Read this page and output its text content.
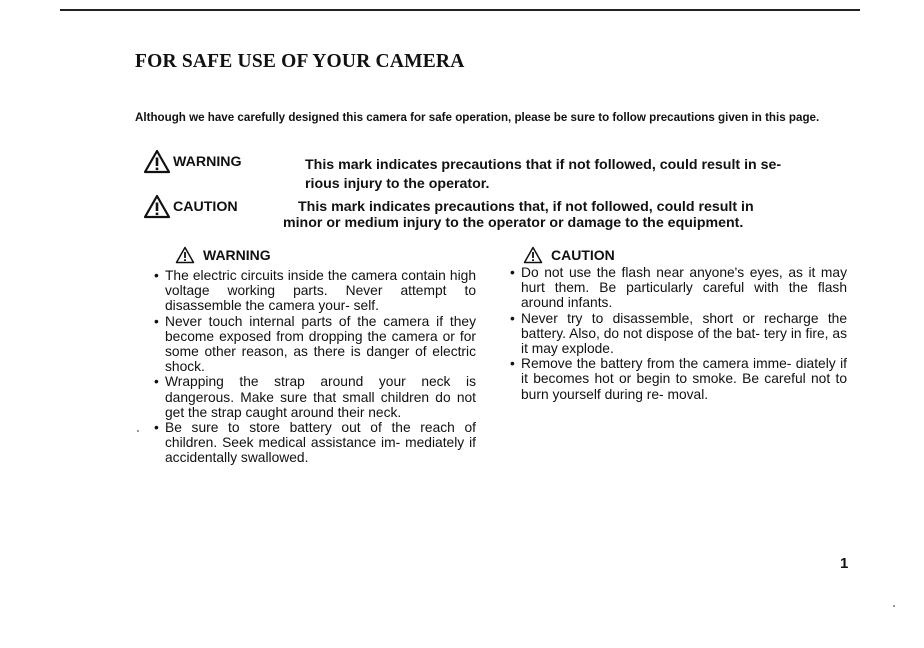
FOR SAFE USE OF YOUR CAMERA
Although we have carefully designed this camera for safe operation, please be sure to follow precautions given in this page.
WARNING	This mark indicates precautions that if not followed, could result in se-
rious injury to the operator.
CAUTION	This mark indicates precautions that, if not followed, could result in
minor or medium injury to the operator or damage to the equipment.
WARNING
• The electric circuits inside the camera contain high voltage working parts. Never attempt to disassemble the camera your- self.
• Never touch internal parts of the camera if they become exposed from dropping the camera or for some other reason, as there is danger of electric shock.
• Wrapping the strap around your neck is dangerous. Make sure that small children do not get the strap caught around their neck.
• Be sure to store battery out of the reach of children. Seek medical assistance im- mediately if accidentally swallowed.
CAUTION
• Do not use the flash near anyone's eyes, as it may hurt them. Be particularly careful with the flash around infants.
• Never try to disassemble, short or recharge the battery. Also, do not dispose of the bat- tery in fire, as it may explode.
• Remove the battery from the camera imme- diately if it becomes hot or begin to smoke. Be careful not to burn yourself during re- moval.
1
